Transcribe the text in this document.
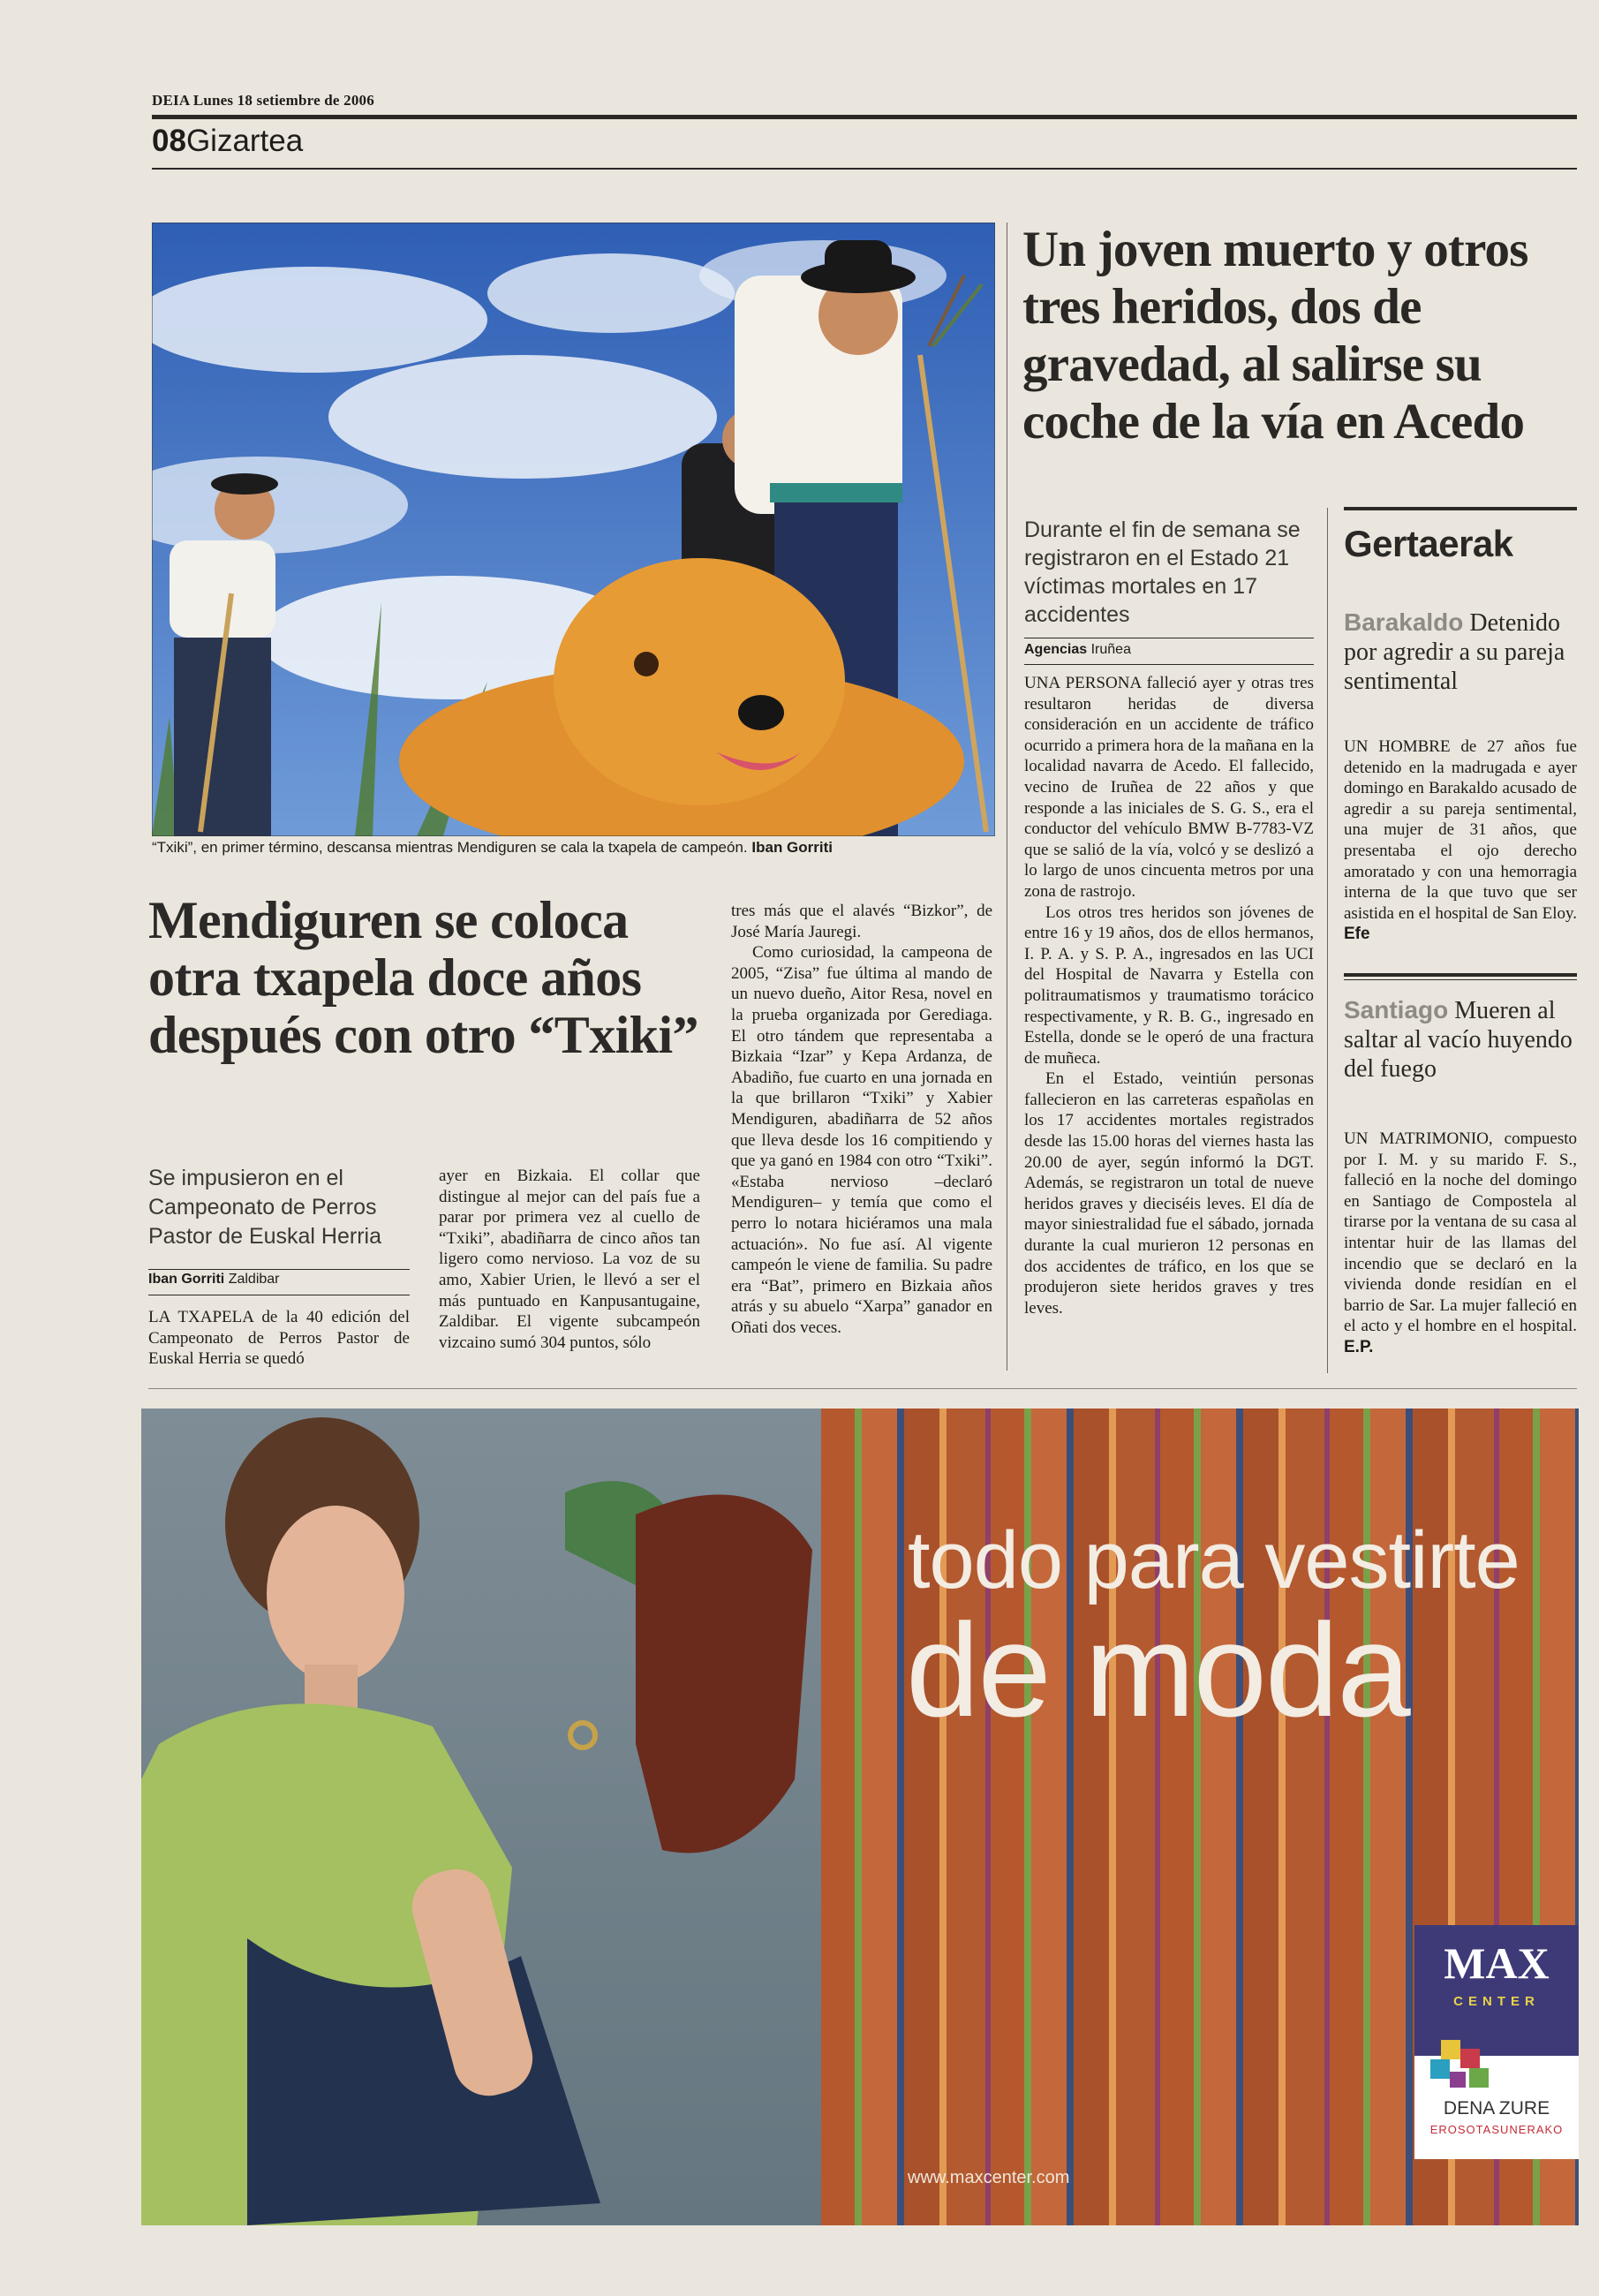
DEIA Lunes 18 setiembre de 2006
08Gizartea
“Txiki”, en primer término, descansa mientras Mendiguren se cala la txapela de campeón. Iban Gorriti
Mendiguren se coloca otra txapela doce años después con otro “Txiki”
Se impusieron en el Campeonato de Perros Pastor de Euskal Herria
Iban Gorriti Zaldibar

LA TXAPELA de la 40 edición del Campeonato de Perros Pastor de Euskal Herria se quedó

ayer en Bizkaia. El collar que distingue al mejor can del país fue a parar por primera vez al cuello de “Txiki”, abadiñarra de cinco años tan ligero como nervioso. La voz de su amo, Xabier Urien, le llevó a ser el más puntuado en Kanpusantugaine, Zaldibar. El vigente subcampeón vizcaino sumó 304 puntos, sólo

tres más que el alavés “Bizkor”, de José María Jauregi.

Como curiosidad, la campeona de 2005, “Zisa” fue última al mando de un nuevo dueño, Aitor Resa, novel en la prueba organizada por Gerediaga. El otro tándem que representaba a Bizkaia “Izar” y Kepa Ardanza, de Abadiño, fue cuarto en una jornada en la que brillaron “Txiki” y Xabier Mendiguren, abadiñarra de 52 años que lleva desde los 16 compitiendo y que ya ganó en 1984 con otro “Txiki”. «Estaba nervioso –declaró Mendiguren– y temía que como el perro lo notara hiciéramos una mala actuación». No fue así. Al vigente campeón le viene de familia. Su padre era “Bat”, primero en Bizkaia años atrás y su abuelo “Xarpa” ganador en Oñati dos veces.

Un joven muerto y otros tres heridos, dos de gravedad, al salirse su coche de la vía en Acedo
Durante el fin de semana se registraron en el Estado 21 víctimas mortales en 17 accidentes
Agencias Iruñea

UNA PERSONA falleció ayer y otras tres resultaron heridas de diversa consideración en un accidente de tráfico ocurrido a primera hora de la mañana en la localidad navarra de Acedo. El fallecido, vecino de Iruñea de 22 años y que responde a las iniciales de S. G. S., era el conductor del vehículo BMW B-7783-VZ que se salió de la vía, volcó y se deslizó a lo largo de unos cincuenta metros por una zona de rastrojo.

Los otros tres heridos son jóvenes de entre 16 y 19 años, dos de ellos hermanos, I. P. A. y S. P. A., ingresados en las UCI del Hospital de Navarra y Estella con politraumatismos y traumatismo torácico respectivamente, y R. B. G., ingresado en Estella, donde se le operó de una fractura de muñeca.

En el Estado, veintiún personas fallecieron en las carreteras españolas en los 17 accidentes mortales registrados desde las 15.00 horas del viernes hasta las 20.00 de ayer, según informó la DGT. Además, se registraron un total de nueve heridos graves y dieciséis leves. El día de mayor siniestralidad fue el sábado, jornada durante la cual murieron 12 personas en dos accidentes de tráfico, en los que se produjeron siete heridos graves y tres leves.

Gertaerak
Barakaldo Detenido por agredir a su pareja sentimental

UN HOMBRE de 27 años fue detenido en la madrugada e ayer domingo en Barakaldo acusado de agredir a su pareja sentimental, una mujer de 31 años, que presentaba el ojo derecho amoratado y con una hemorragia interna de la que tuvo que ser asistida en el hospital de San Eloy. Efe

Santiago Mueren al saltar al vacío huyendo del fuego

UN MATRIMONIO, compuesto por I. M. y su marido F. S., falleció en la noche del domingo en Santiago de Compostela al tirarse por la ventana de su casa al intentar huir de las llamas del incendio que se declaró en la vivienda donde residían en el barrio de Sar. La mujer falleció en el acto y el hombre en el hospital. E.P.

todo para vestirte
de moda
www.maxcenter.com
MAX
CENTER
DENA ZURE
EROSOTASUNERAKO
